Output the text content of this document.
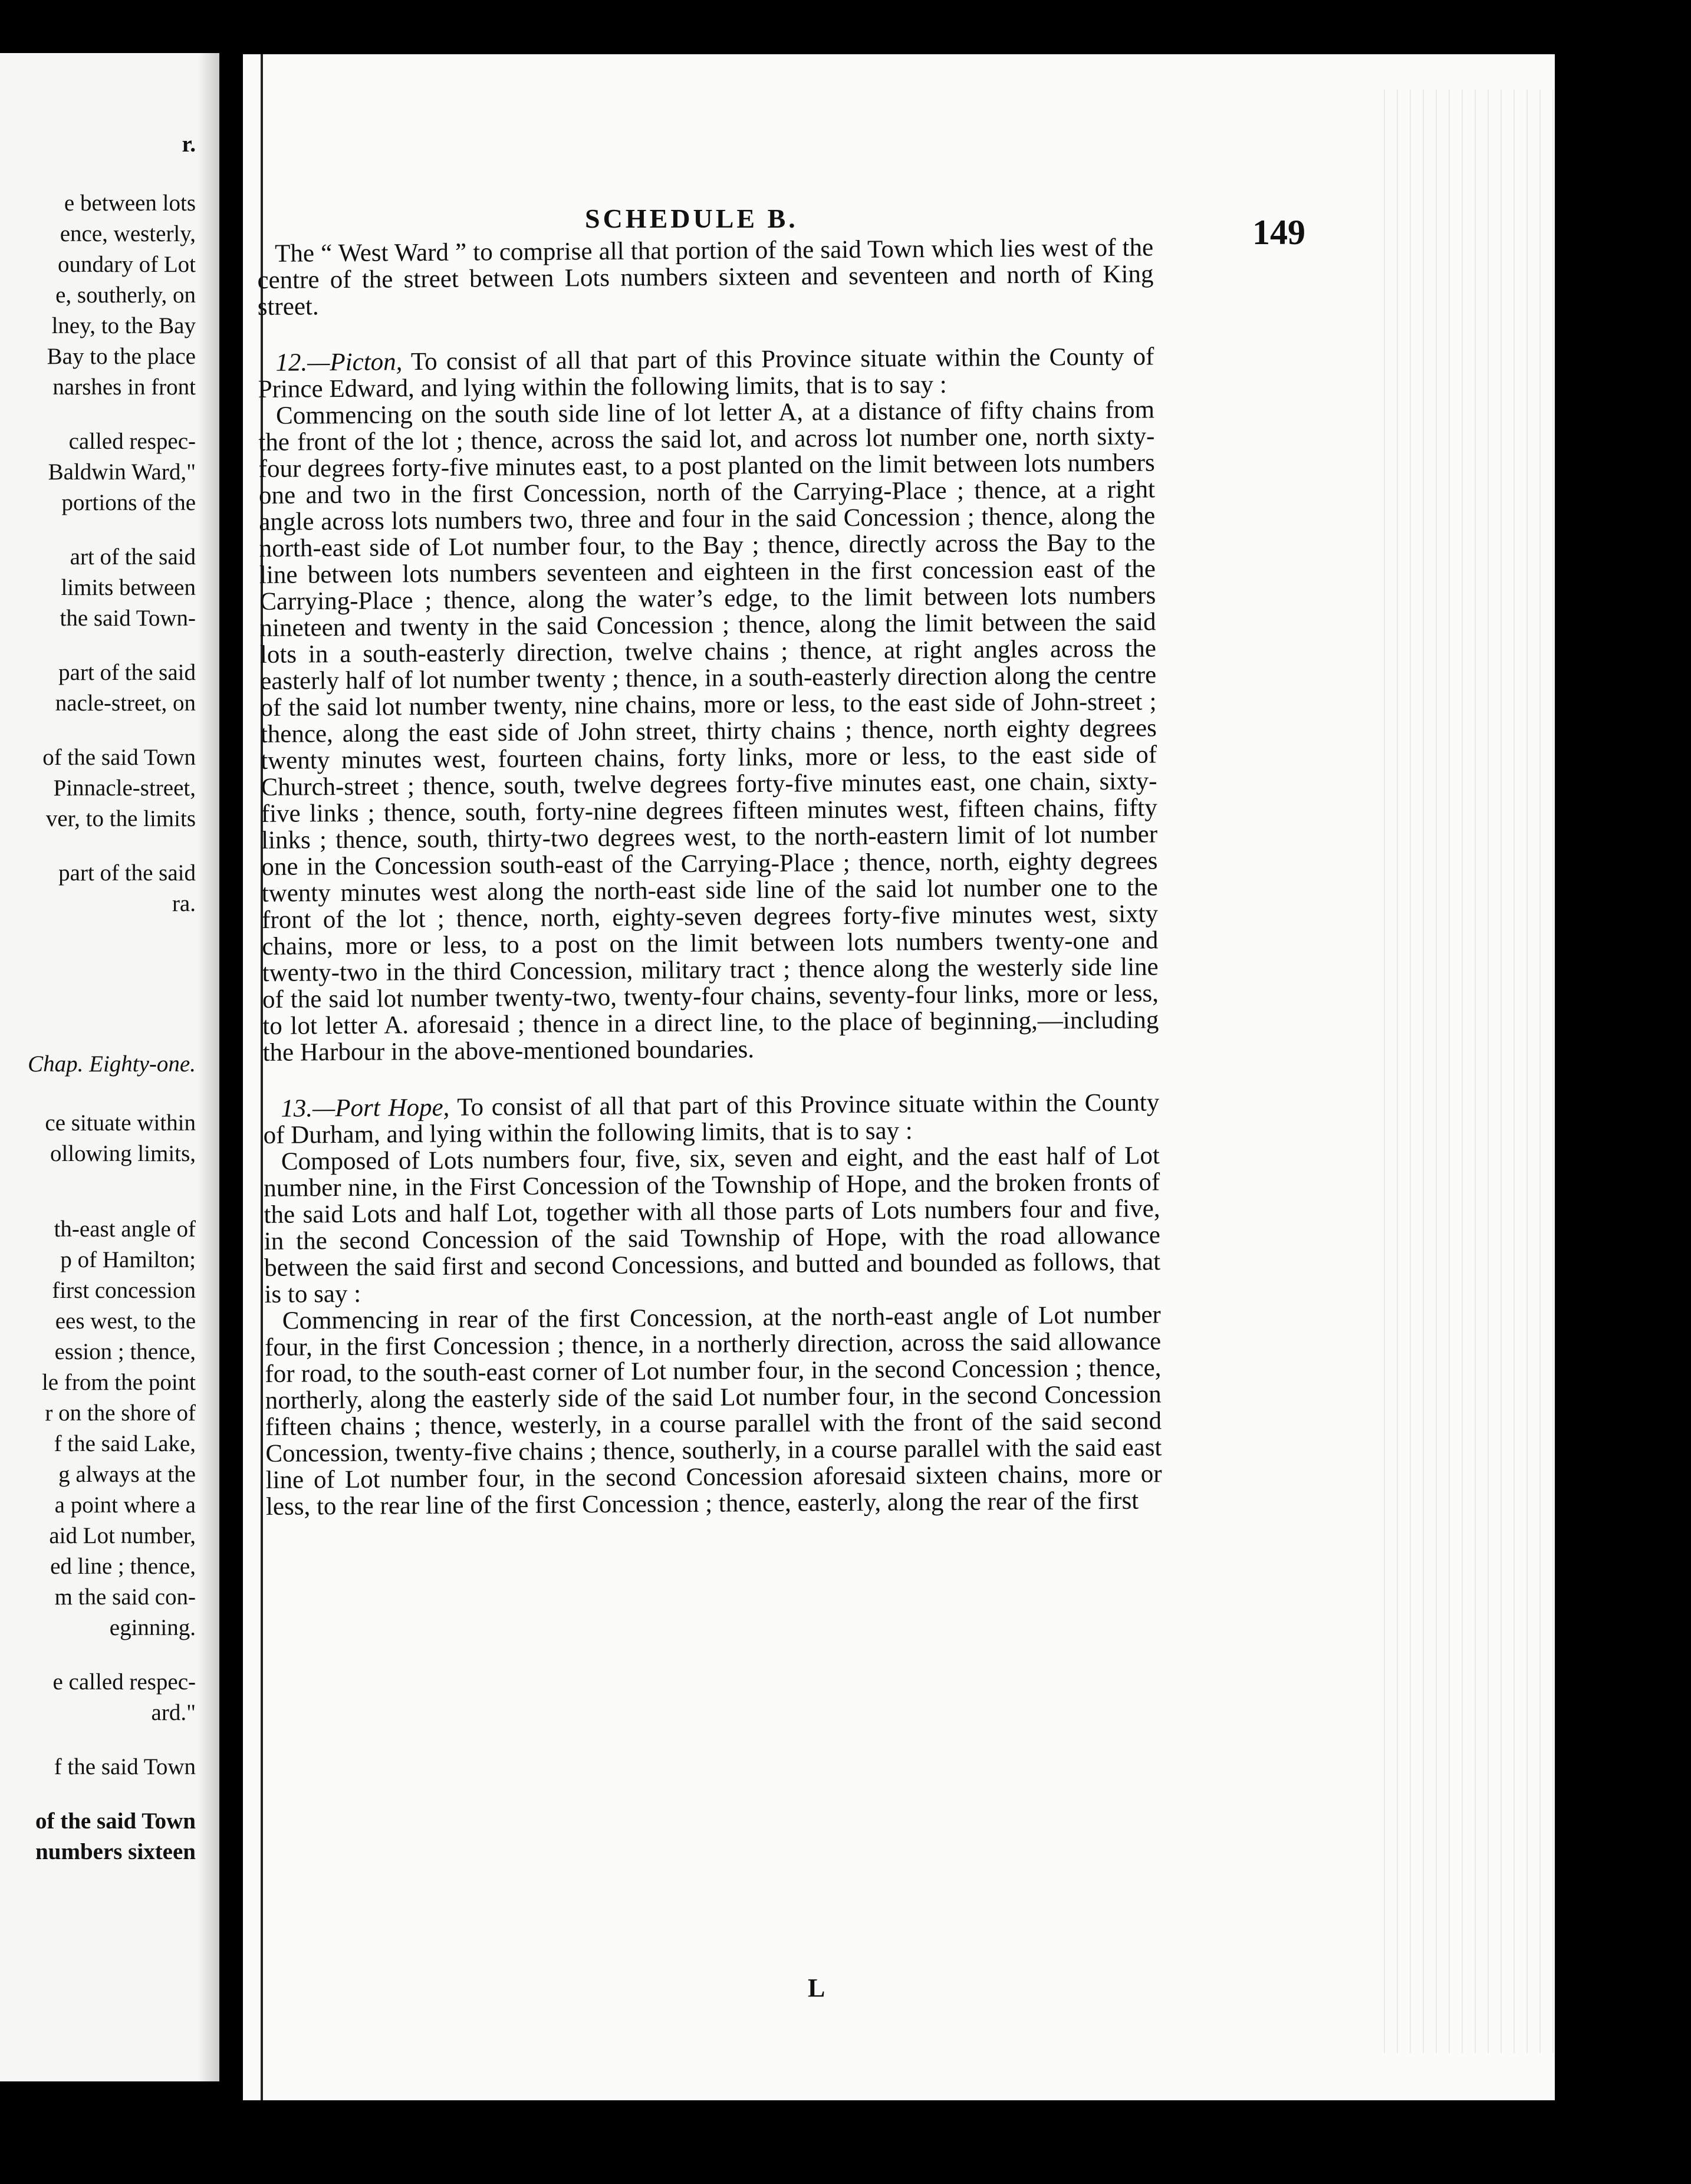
r.
e between lots
ence, westerly,
oundary of Lot
e, southerly, on
lney, to the Bay
Bay to the place
narshes in front
called respec-
Baldwin Ward,"
portions of the
art of the said
limits between
the said Town-
part of the said
nacle-street, on
of the said Town
Pinnacle-street,
ver, to the limits
part of the said
ra.
Chap. Eighty-one.
ce situate within
ollowing limits,
th-east angle of
p of Hamilton;
first concession
ees west, to the
ession ; thence,
le from the point
r on the shore of
f the said Lake,
g always at the
a point where a
aid Lot number,
ed line ; thence,
m the said con-
eginning.
e called respec-
ard."
f the said Town
of the said Town
numbers sixteen
SCHEDULE B.	149

The “ West Ward ” to comprise all that portion of the said Town which lies west of the centre of the street between Lots numbers sixteen and seventeen and north of King street.

12.—Picton, To consist of all that part of this Province situate within the County of Prince Edward, and lying within the following limits, that is to say :

Commencing on the south side line of lot letter A, at a distance of fifty chains from the front of the lot ; thence, across the said lot, and across lot number one, north sixty-four degrees forty-five minutes east, to a post planted on the limit between lots numbers one and two in the first Concession, north of the Carrying-Place ; thence, at a right angle across lots numbers two, three and four in the said Concession ; thence, along the north-east side of Lot number four, to the Bay ; thence, directly across the Bay to the line between lots numbers seventeen and eighteen in the first concession east of the Carrying-Place ; thence, along the water’s edge, to the limit between lots numbers nineteen and twenty in the said Concession ; thence, along the limit between the said lots in a south-easterly direction, twelve chains ; thence, at right angles across the easterly half of lot number twenty ; thence, in a south-easterly direction along the centre of the said lot number twenty, nine chains, more or less, to the east side of John-street ; thence, along the east side of John street, thirty chains ; thence, north eighty degrees twenty minutes west, fourteen chains, forty links, more or less, to the east side of Church-street ; thence, south, twelve degrees forty-five minutes east, one chain, sixty-five links ; thence, south, forty-nine degrees fifteen minutes west, fifteen chains, fifty links ; thence, south, thirty-two degrees west, to the north-eastern limit of lot number one in the Concession south-east of the Carrying-Place ; thence, north, eighty degrees twenty minutes west along the north-east side line of the said lot number one to the front of the lot ; thence, north, eighty-seven degrees forty-five minutes west, sixty chains, more or less, to a post on the limit between lots numbers twenty-one and twenty-two in the third Concession, military tract ; thence along the westerly side line of the said lot number twenty-two, twenty-four chains, seventy-four links, more or less, to lot letter A. aforesaid ; thence in a direct line, to the place of beginning,—including the Harbour in the above-mentioned boundaries.

13.—Port Hope, To consist of all that part of this Province situate within the County of Durham, and lying within the following limits, that is to say :

Composed of Lots numbers four, five, six, seven and eight, and the east half of Lot number nine, in the First Concession of the Township of Hope, and the broken fronts of the said Lots and half Lot, together with all those parts of Lots numbers four and five, in the second Concession of the said Township of Hope, with the road allowance between the said first and second Concessions, and butted and bounded as follows, that is to say :

Commencing in rear of the first Concession, at the north-east angle of Lot number four, in the first Concession ; thence, in a northerly direction, across the said allowance for road, to the south-east corner of Lot number four, in the second Concession ; thence, northerly, along the easterly side of the said Lot number four, in the second Concession fifteen chains ; thence, westerly, in a course parallel with the front of the said second Concession, twenty-five chains ; thence, southerly, in a course parallel with the said east line of Lot number four, in the second Concession aforesaid sixteen chains, more or less, to the rear line of the first Concession ; thence, easterly, along the rear of the first

L
